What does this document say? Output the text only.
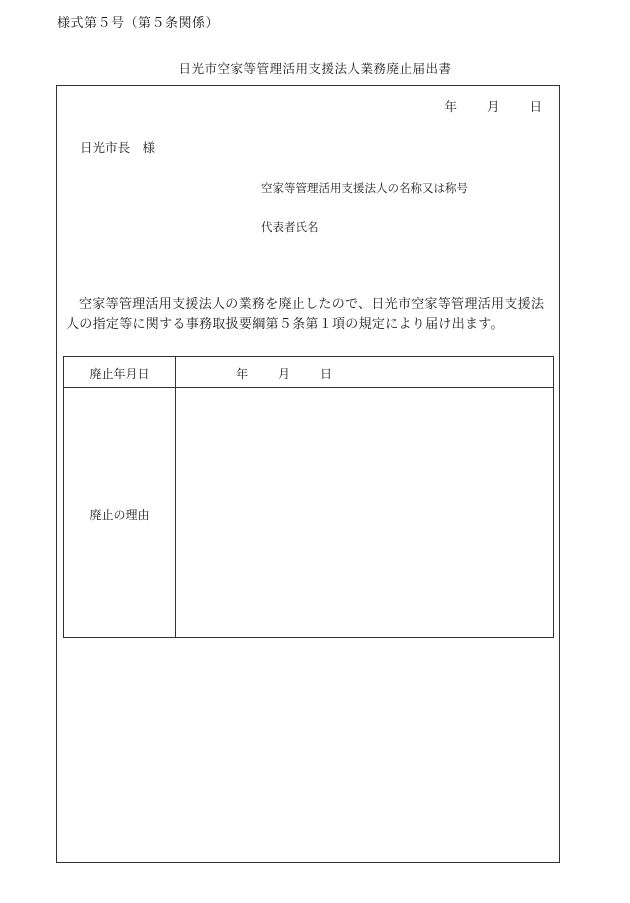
様式第５号（第５条関係）
日光市空家等管理活用支援法人業務廃止届出書
年 月 日
日光市長　様
空家等管理活用支援法人の名称又は称号
代表者氏名
空家等管理活用支援法人の業務を廃止したので、日光市空家等管理活用支援法人の指定等に関する事務取扱要綱第５条第１項の規定により届け出ます。
廃止年月日	年	月	日
廃止の理由
